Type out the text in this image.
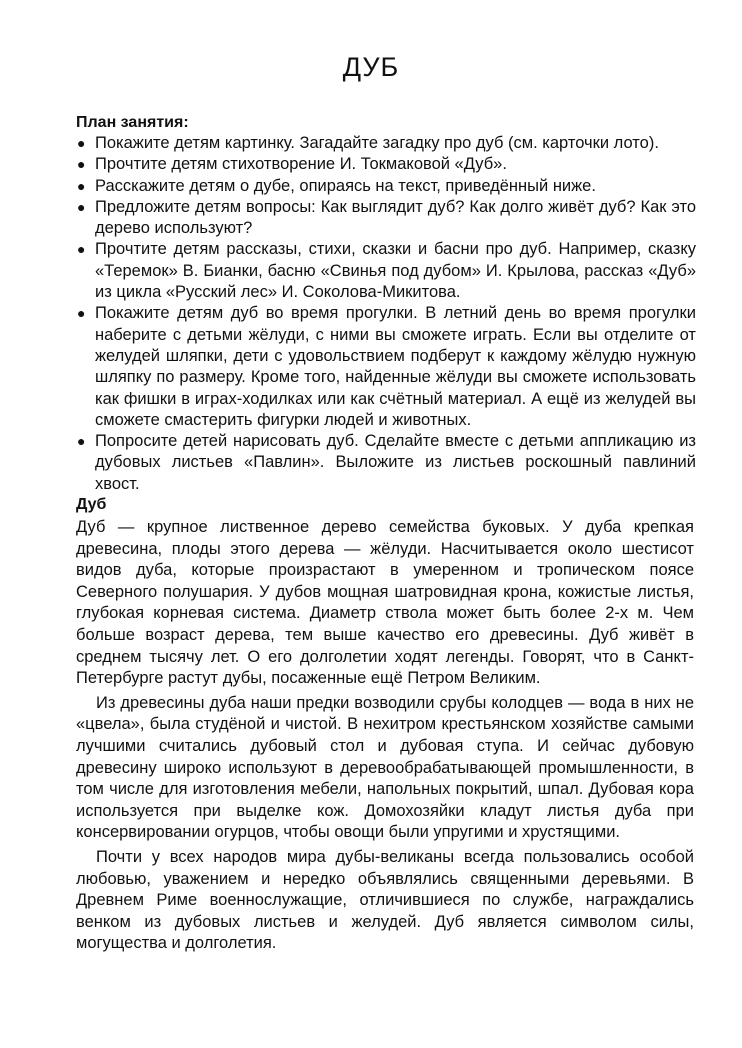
ДУБ
План занятия:
● Покажите детям картинку. Загадайте загадку про дуб (см. карточки лото).
● Прочтите детям стихотворение И. Токмаковой «Дуб».
● Расскажите детям о дубе, опираясь на текст, приведённый ниже.
● Предложите детям вопросы: Как выглядит дуб? Как долго живёт дуб? Как это дерево используют?
● Прочтите детям рассказы, стихи, сказки и басни про дуб. Например, сказку «Теремок» В. Бианки, басню «Свинья под дубом» И. Крылова, рассказ «Дуб» из цикла «Русский лес» И. Соколова-Микитова.
● Покажите детям дуб во время прогулки. В летний день во время прогулки наберите с детьми жёлуди, с ними вы сможете играть. Если вы отделите от желудей шляпки, дети с удовольствием подберут к каждому жёлудю нужную шляпку по размеру. Кроме того, найденные жёлуди вы сможете использовать как фишки в играх-ходилках или как счётный материал. А ещё из желудей вы сможете смастерить фигурки людей и животных.
● Попросите детей нарисовать дуб. Сделайте вместе с детьми аппликацию из дубовых листьев «Павлин». Выложите из листьев роскошный павлиний хвост.
Дуб

Дуб — крупное лиственное дерево семейства буковых. У дуба крепкая древесина, плоды этого дерева — жёлуди. Насчитывается около шестисот видов дуба, которые произрастают в умеренном и тропическом поясе Северного полушария. У дубов мощная шатровидная крона, кожистые листья, глубокая корневая система. Диаметр ствола может быть более 2-х м. Чем больше возраст дерева, тем выше качество его древесины. Дуб живёт в среднем тысячу лет. О его долголетии ходят легенды. Говорят, что в Санкт-Петербурге растут дубы, посаженные ещё Петром Великим.

Из древесины дуба наши предки возводили срубы колодцев — вода в них не «цвела», была студёной и чистой. В нехитром крестьянском хозяйстве самыми лучшими считались дубовый стол и дубовая ступа. И сейчас дубовую древесину широко используют в деревообрабатывающей промышленности, в том числе для изготовления мебели, напольных покрытий, шпал. Дубовая кора используется при выделке кож. Домохозяйки кладут листья дуба при консервировании огурцов, чтобы овощи были упругими и хрустящими.

Почти у всех народов мира дубы-великаны всегда пользовались особой любовью, уважением и нередко объявлялись священными деревьями. В Древнем Риме военнослужащие, отличившиеся по службе, награждались венком из дубовых листьев и желудей. Дуб является символом силы, могущества и долголетия.
